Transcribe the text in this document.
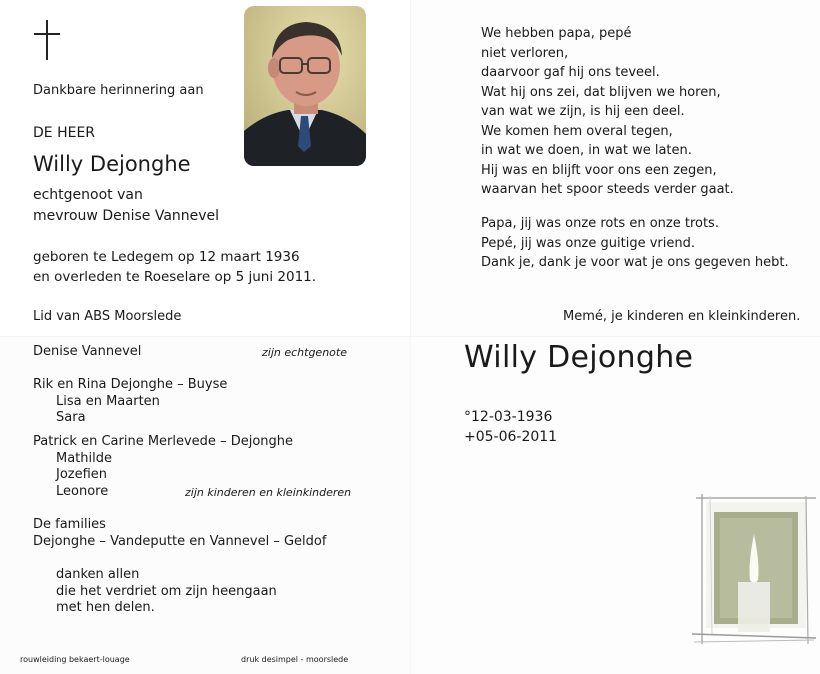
Dankbare herinnering aan
DE HEER
Willy Dejonghe
echtgenoot van
mevrouw Denise Vannevel
geboren te Ledegem op 12 maart 1936
en overleden te Roeselare op 5 juni 2011.
Lid van ABS Moorslede
We hebben papa, pepé
niet verloren,
daarvoor gaf hij ons teveel.
Wat hij ons zei, dat blijven we horen,
van wat we zijn, is hij een deel.
We komen hem overal tegen,
in wat we doen, in wat we laten.
Hij was en blijft voor ons een zegen,
waarvan het spoor steeds verder gaat.
Papa, jij was onze rots en onze trots.
Pepé, jij was onze guitige vriend.
Dank je, dank je voor wat je ons gegeven hebt.
Memé, je kinderen en kleinkinderen.
Denise Vannevel	zijn echtgenote
Rik en Rina Dejonghe – Buyse
Lisa en Maarten
Sara
Patrick en Carine Merlevede – Dejonghe
Mathilde
Jozefien
Leonore	zijn kinderen en kleinkinderen
De families
Dejonghe – Vandeputte en Vannevel – Geldof
danken allen
die het verdriet om zijn heengaan
met hen delen.
rouwleiding bekaert-louage	druk desimpel - moorslede
Willy Dejonghe
°12-03-1936
+05-06-2011
